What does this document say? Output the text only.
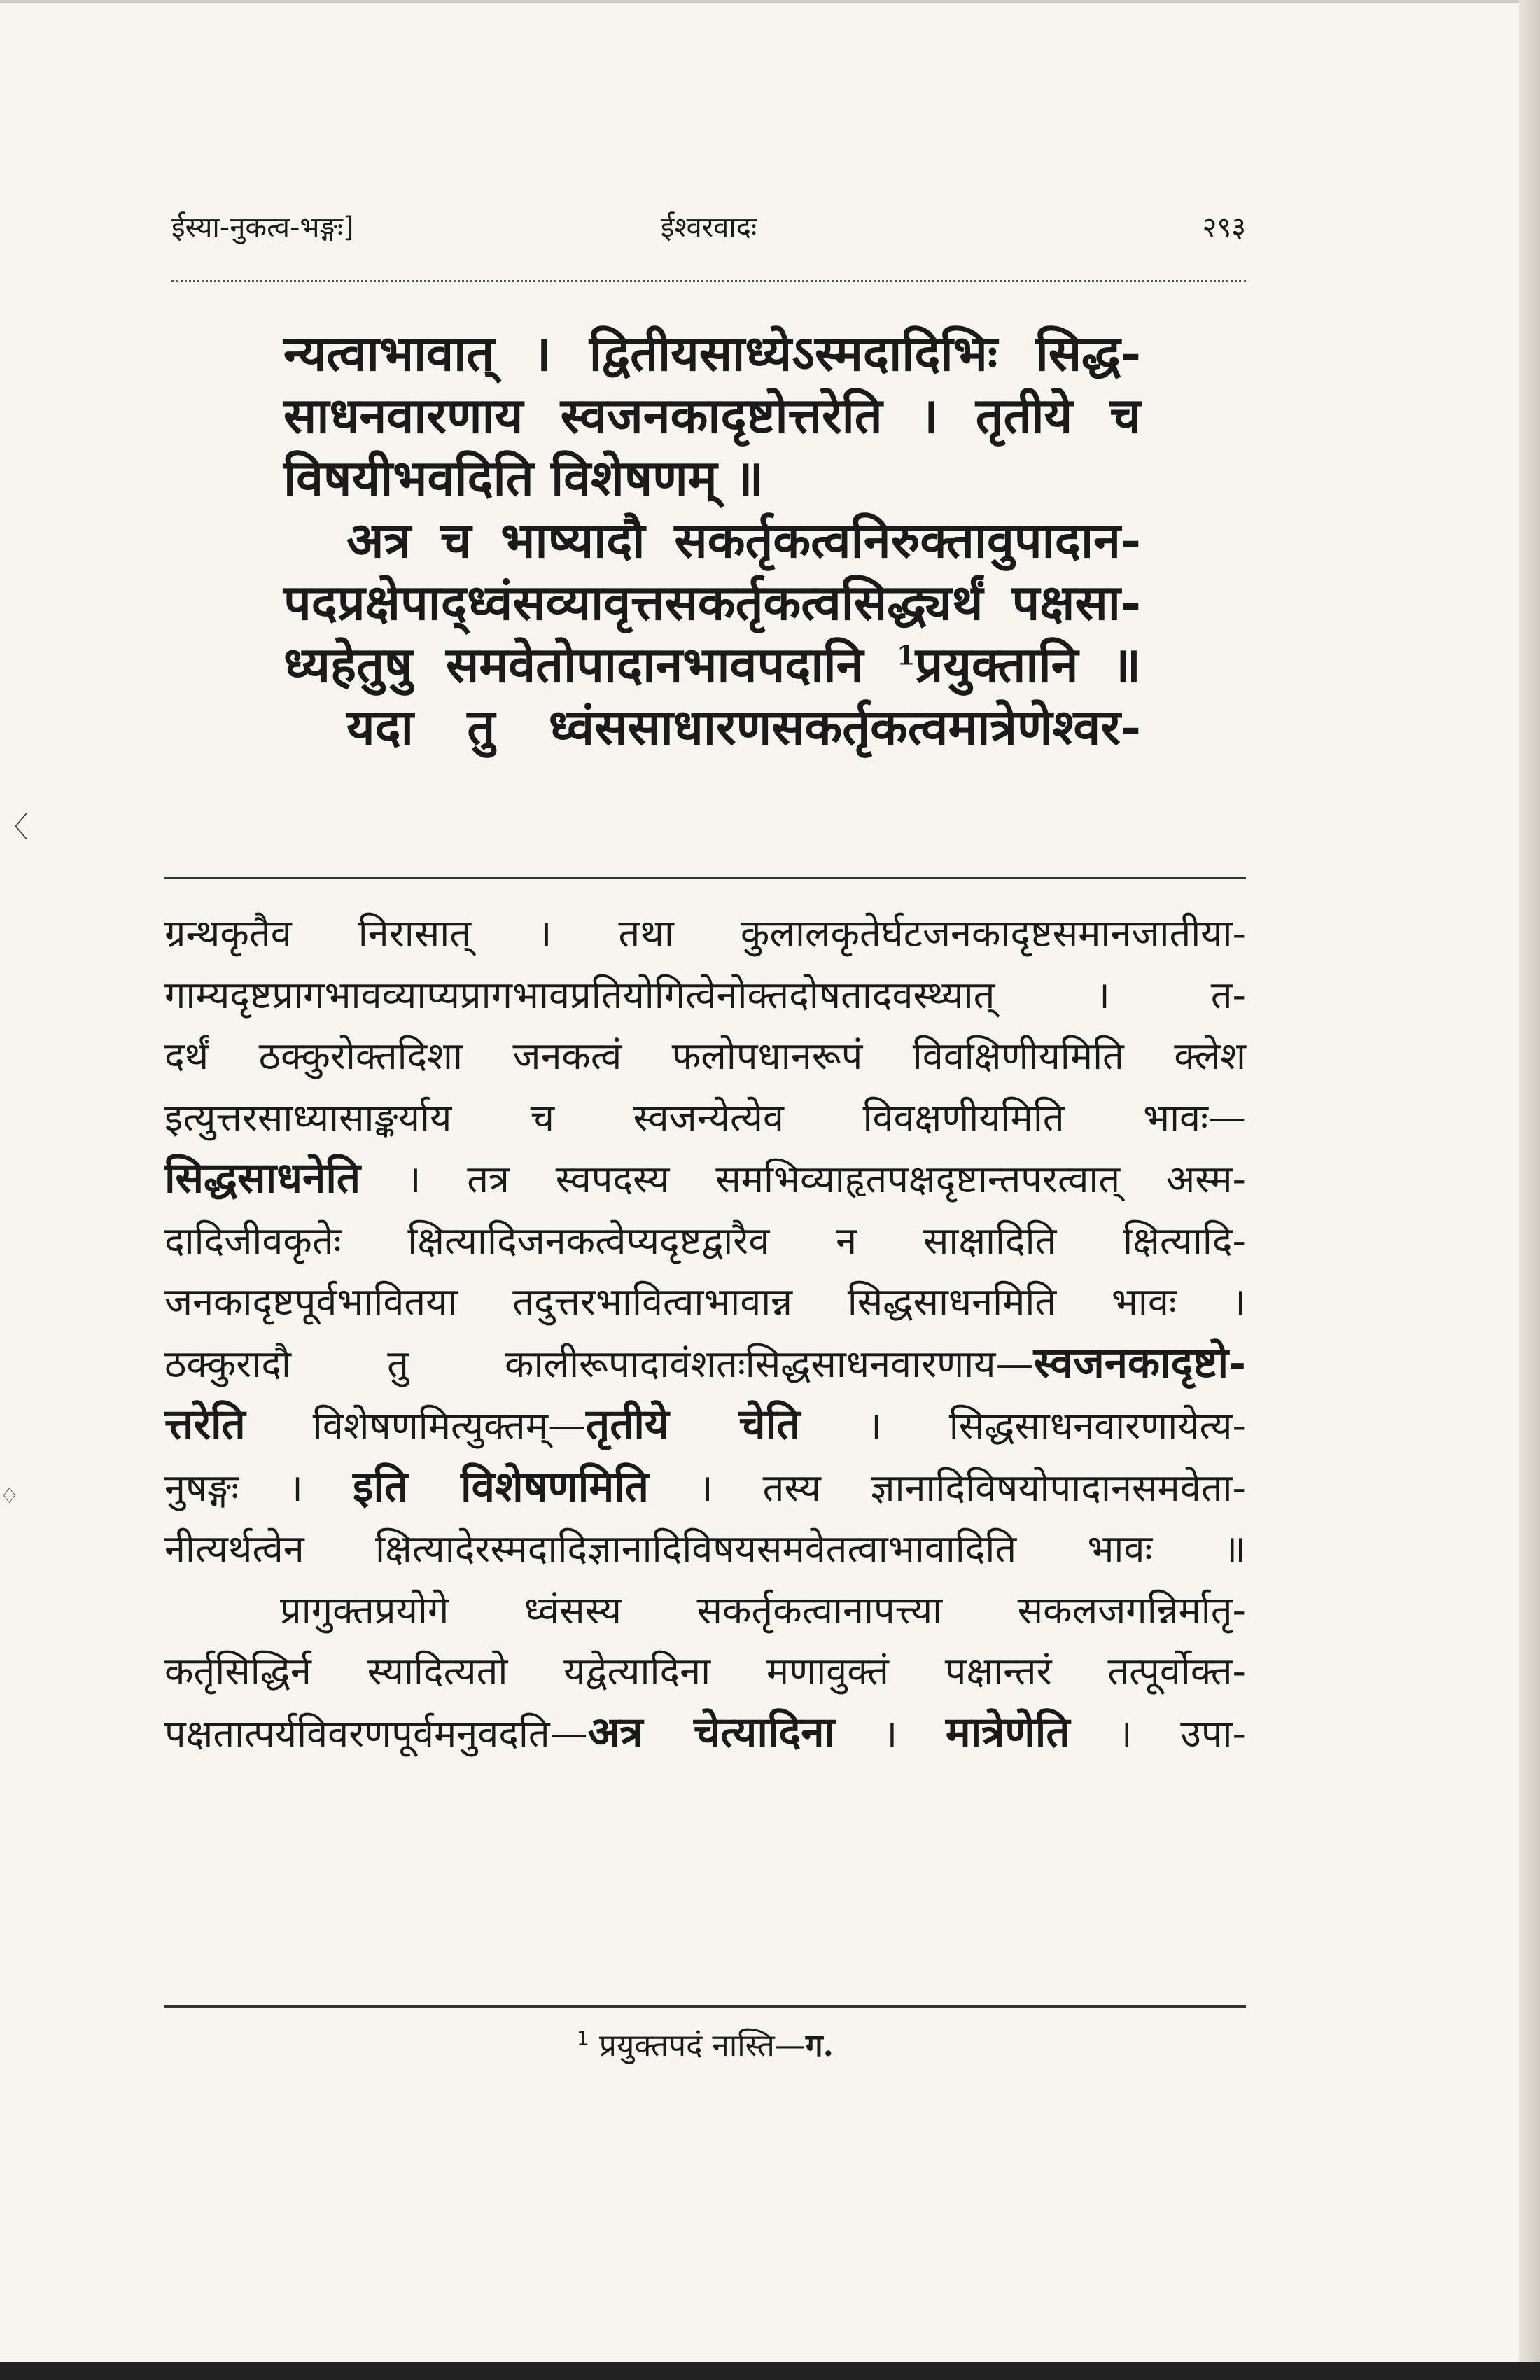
ईस्या-नुकत्व-भङ्गः]	ईश्वरवादः	२९३
न्यत्वाभावात् । द्वितीयसाध्येऽस्मदादिभिः सिद्ध-
साधनवारणाय स्वजनकादृष्टोत्तरेति । तृतीये च
विषयीभवदिति विशेषणम् ॥
अत्र च भाष्यादौ सकर्तृकत्वनिरुक्तावुपादान-
पदप्रक्षेपाद्ध्वंसव्यावृत्तसकर्तृकत्वसिद्ध्यर्थं पक्षसा-
ध्यहेतुषु समवेतोपादानभावपदानि $^1$प्रयुक्तानि ॥
यदा तु ध्वंससाधारणसकर्तृकत्वमात्रेणेश्वर-
ग्रन्थकृतैव निरासात् । तथा कुलालकृतेर्घटजनकादृष्टसमानजातीया-
गाम्यदृष्टप्रागभावव्याप्यप्रागभावप्रतियोगित्वेनोक्तदोषतादवस्थ्यात् । त-
दर्थं ठक्कुरोक्तदिशा जनकत्वं फलोपधानरूपं विवक्षिणीयमिति क्लेश
इत्युत्तरसाध्यासाङ्कर्याय च स्वजन्येत्येव विवक्षणीयमिति भावः—
सिद्धसाधनेति । तत्र स्वपदस्य समभिव्याहृतपक्षदृष्टान्तपरत्वात् अस्म-
दादिजीवकृतेः क्षित्यादिजनकत्वेप्यदृष्टद्वारैव न साक्षादिति क्षित्यादि-
जनकादृष्टपूर्वभावितया तदुत्तरभावित्वाभावान्न सिद्धसाधनमिति भावः ।
ठक्कुरादौ तु कालीरूपादावंशतःसिद्धसाधनवारणाय—स्वजनकादृष्टो-
त्तरेति विशेषणमित्युक्तम्—तृतीये चेति । सिद्धसाधनवारणायेत्य-
नुषङ्गः । इति विशेषणमिति । तस्य ज्ञानादिविषयोपादानसमवेता-
नीत्यर्थत्वेन क्षित्यादेरस्मदादिज्ञानादिविषयसमवेतत्वाभावादिति भावः ॥
प्रागुक्तप्रयोगे ध्वंसस्य सकर्तृकत्वानापत्त्या सकलजगन्निर्मातृ-
कर्तृसिद्धिर्न स्यादित्यतो यद्वेत्यादिना मणावुक्तं पक्षान्तरं तत्पूर्वोक्त-
पक्षतात्पर्यविवरणपूर्वमनुवदति—अत्र चेत्यादिना । मात्रेणेति । उपा-
$^1$ प्रयुक्तपदं नास्ति—ग.
〈
♢
